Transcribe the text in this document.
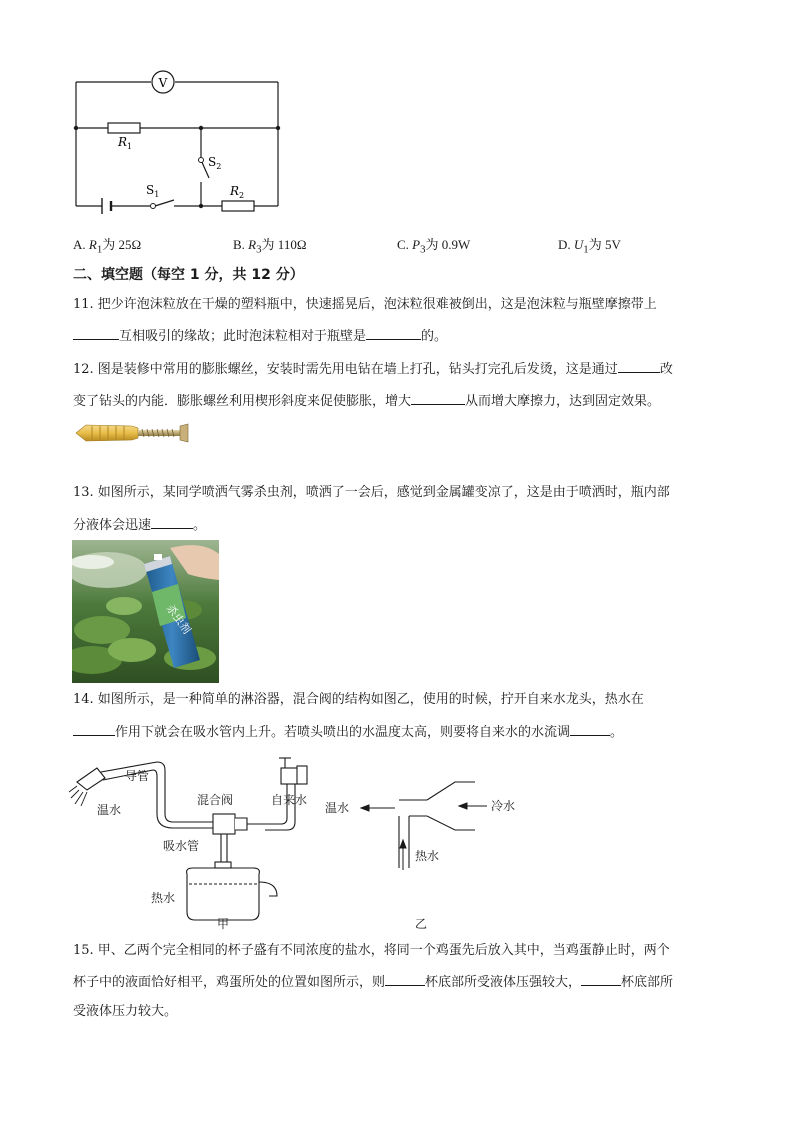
V
$R_1$
$R_2$
$S_1$
$S_2$
A. $R_1$为 25Ω	B. $R_3$为 110Ω	C. $P_3$为 0.9W	D. $U_1$为 5V
二、填空题（每空 1 分，共 12 分）
11. 把少许泡沫粒放在干燥的塑料瓶中，快速摇晃后，泡沫粒很难被倒出，这是泡沫粒与瓶壁摩擦带上
互相吸引的缘故；此时泡沫粒相对于瓶壁是	的。
12. 图是装修中常用的膨胀螺丝，安装时需先用电钻在墙上打孔，钻头打完孔后发烫，这是通过	改
变了钻头的内能．膨胀螺丝利用楔形斜度来促使膨胀，增大	从而增大摩擦力，达到固定效果。
13. 如图所示，某同学喷洒气雾杀虫剂，喷洒了一会后，感觉到金属罐变凉了，这是由于喷洒时，瓶内部
分液体会迅速	。
杀虫剂
14. 如图所示，是一种简单的淋浴器，混合阀的结构如图乙，使用的时候，拧开自来水龙头，热水在
作用下就会在吸水管内上升。若喷头喷出的水温度太高，则要将自来水的水流调	。
导管
温水
混合阀	自来水
吸水管
热水
甲
温水	冷水
热水
乙
15. 甲、乙两个完全相同的杯子盛有不同浓度的盐水，将同一个鸡蛋先后放入其中，当鸡蛋静止时，两个
杯子中的液面恰好相平，鸡蛋所处的位置如图所示，则	杯底部所受液体压强较大，	杯底部所
受液体压力较大。
